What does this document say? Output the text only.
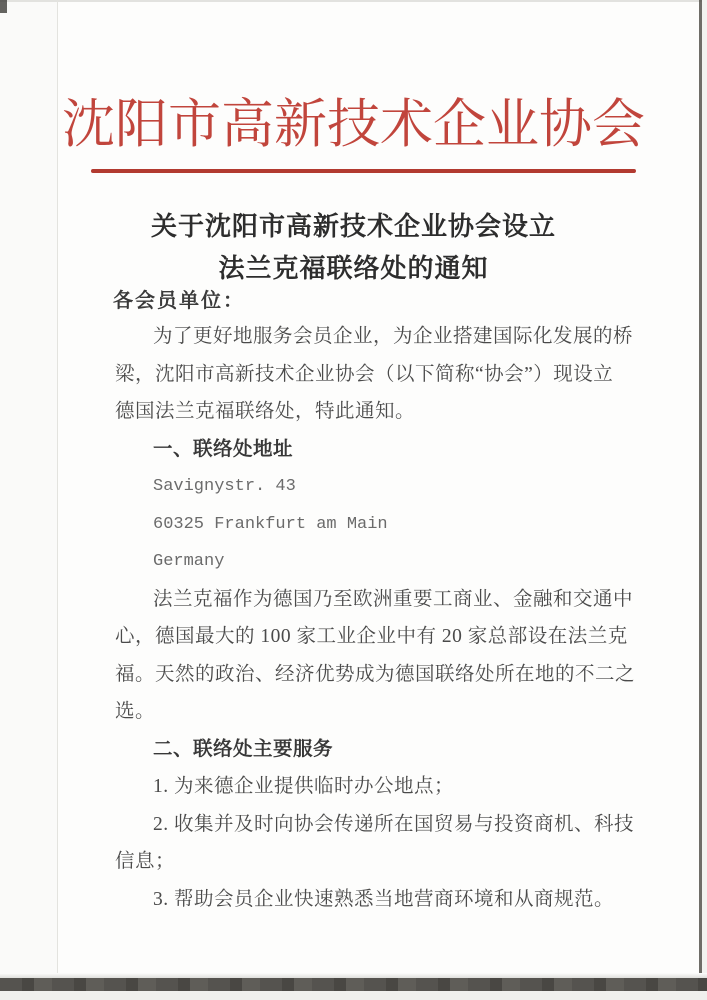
沈阳市高新技术企业协会
关于沈阳市高新技术企业协会设立
法兰克福联络处的通知
各会员单位：
为了更好地服务会员企业，为企业搭建国际化发展的桥
梁，沈阳市高新技术企业协会（以下简称“协会”）现设立
德国法兰克福联络处，特此通知。
一、联络处地址
Savignystr. 43
60325 Frankfurt am Main
Germany
法兰克福作为德国乃至欧洲重要工商业、金融和交通中
心，德国最大的 100 家工业企业中有 20 家总部设在法兰克
福。天然的政治、经济优势成为德国联络处所在地的不二之
选。
二、联络处主要服务
1. 为来德企业提供临时办公地点；
2. 收集并及时向协会传递所在国贸易与投资商机、科技
信息；
3. 帮助会员企业快速熟悉当地营商环境和从商规范。
